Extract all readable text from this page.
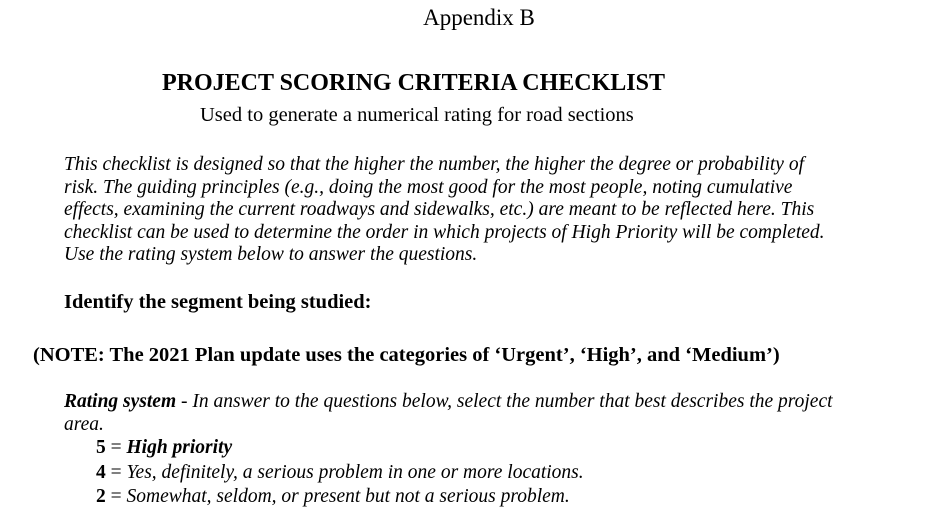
Appendix B
PROJECT SCORING CRITERIA CHECKLIST
Used to generate a numerical rating for road sections
This checklist is designed so that the higher the number, the higher the degree or probability of
risk. The guiding principles (e.g., doing the most good for the most people, noting cumulative
effects, examining the current roadways and sidewalks, etc.) are meant to be reflected here. This
checklist can be used to determine the order in which projects of High Priority will be completed.
Use the rating system below to answer the questions.
Identify the segment being studied:
(NOTE: The 2021 Plan update uses the categories of ‘Urgent’, ‘High’, and ‘Medium’)
Rating system - In answer to the questions below, select the number that best describes the project
area.
5 = High priority
4 = Yes, definitely, a serious problem in one or more locations.
2 = Somewhat, seldom, or present but not a serious problem.
